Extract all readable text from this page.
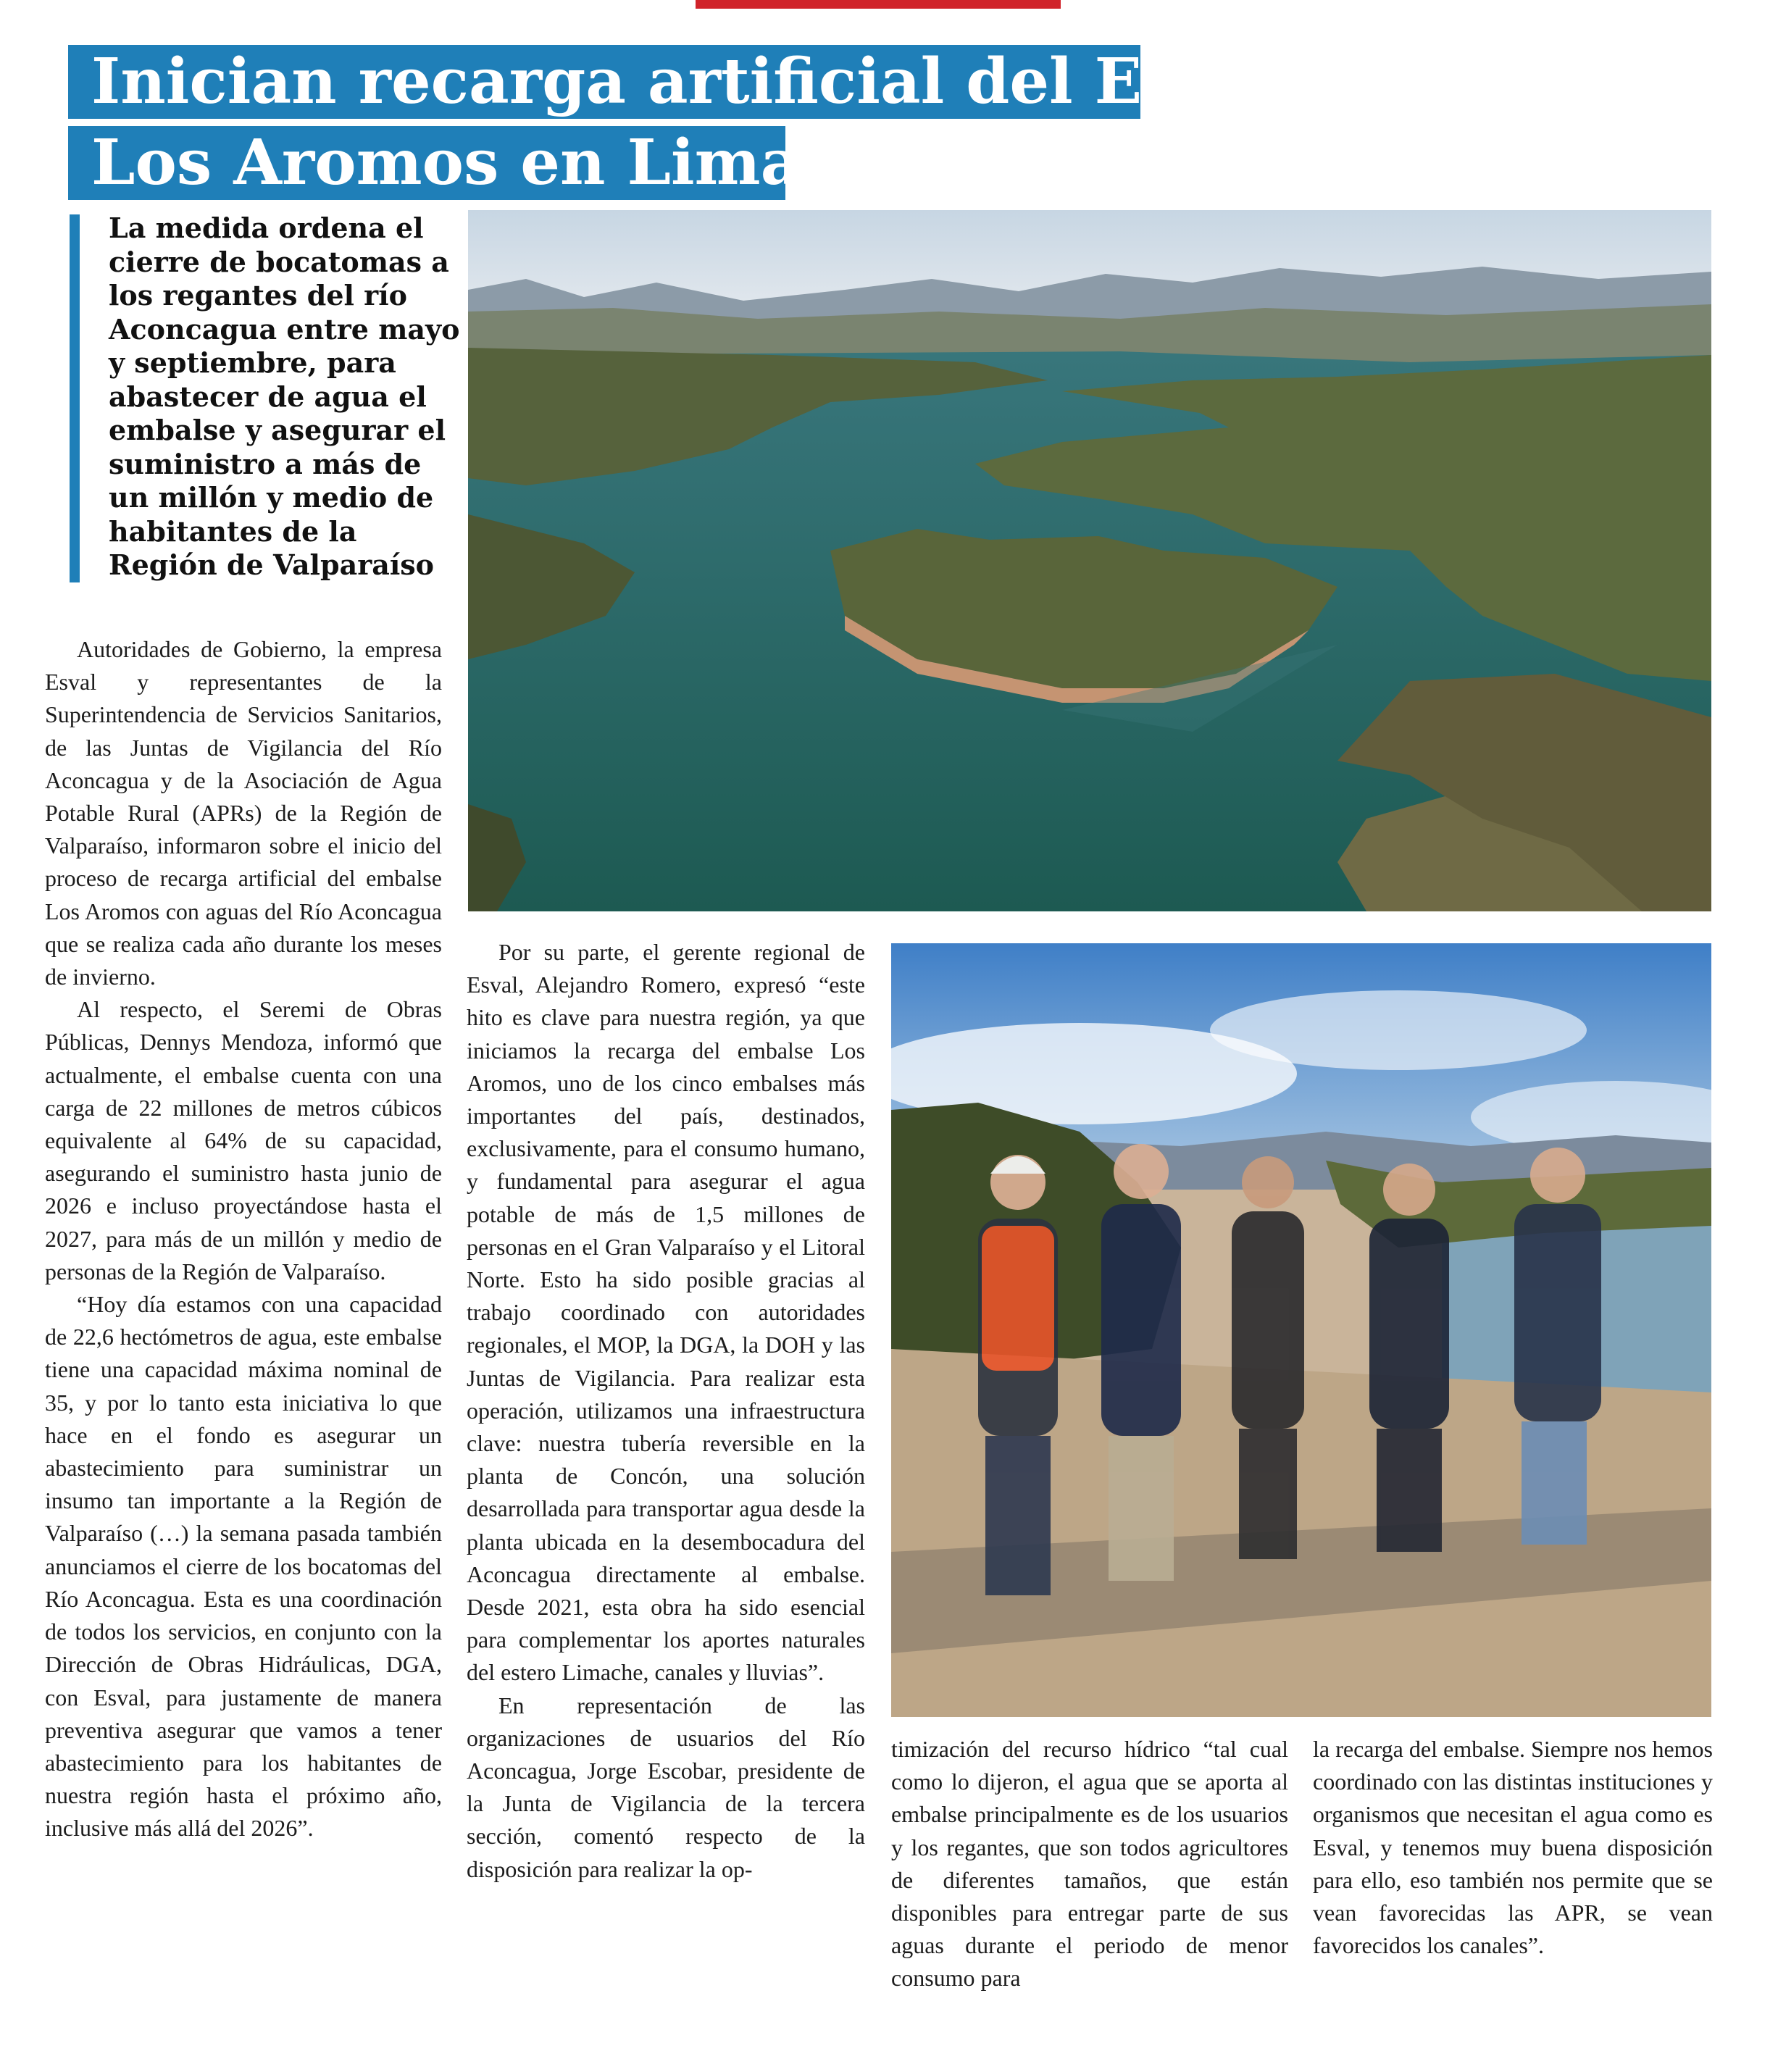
Inician recarga artificial del Embalse
Los Aromos en Limache
La medida ordena el cierre de bocatomas a los regantes del río Aconcagua entre mayo y septiembre, para abastecer de agua el embalse y asegurar el suministro a más de un millón y medio de habitantes de la Región de Valparaíso

Autoridades de Gobierno, la empresa Esval y representantes de la Superintendencia de Servicios Sanitarios, de las Juntas de Vigilancia del Río Aconcagua y de la Asociación de Agua Potable Rural (APRs) de la Región de Valparaíso, informaron sobre el inicio del proceso de recarga artificial del embalse Los Aromos con aguas del Río Aconcagua que se realiza cada año durante los meses de invierno.

Al respecto, el Seremi de Obras Públicas, Dennys Mendoza, informó que actualmente, el embalse cuenta con una carga de 22 millones de metros cúbicos equivalente al 64% de su capacidad, asegurando el suministro hasta junio de 2026 e incluso proyectándose hasta el 2027, para más de un millón y medio de personas de la Región de Valparaíso.

“Hoy día estamos con una capacidad de 22,6 hectómetros de agua, este embalse tiene una capacidad máxima nominal de 35, y por lo tanto esta iniciativa lo que hace en el fondo es asegurar un abastecimiento para suministrar un insumo tan importante a la Región de Valparaíso (…) la semana pasada también anunciamos el cierre de los bocatomas del Río Aconcagua. Esta es una coordinación de todos los servicios, en conjunto con la Dirección de Obras Hidráulicas, DGA, con Esval, para justamente de manera preventiva asegurar que vamos a tener abastecimiento para los habitantes de nuestra región hasta el próximo año, inclusive más allá del 2026”.

Por su parte, el gerente regional de Esval, Alejandro Romero, expresó “este hito es clave para nuestra región, ya que iniciamos la recarga del embalse Los Aromos, uno de los cinco embalses más importantes del país, destinados, exclusivamente, para el consumo humano, y fundamental para asegurar el agua potable de más de 1,5 millones de personas en el Gran Valparaíso y el Litoral Norte. Esto ha sido posible gracias al trabajo coordinado con autoridades regionales, el MOP, la DGA, la DOH y las Juntas de Vigilancia. Para realizar esta operación, utilizamos una infraestructura clave: nuestra tubería reversible en la planta de Concón, una solución desarrollada para transportar agua desde la planta ubicada en la desembocadura del Aconcagua directamente al embalse. Desde 2021, esta obra ha sido esencial para complementar los aportes naturales del estero Limache, canales y lluvias”.

En representación de las organizaciones de usuarios del Río Aconcagua, Jorge Escobar, presidente de la Junta de Vigilancia de la tercera sección, comentó respecto de la disposición para realizar la op-

timización del recurso hídrico “tal cual como lo dijeron, el agua que se aporta al embalse principalmente es de los usuarios y los regantes, que son todos agricultores de diferentes tamaños, que están disponibles para entregar parte de sus aguas durante el periodo de menor consumo para

la recarga del embalse. Siempre nos hemos coordinado con las distintas instituciones y organismos que necesitan el agua como es Esval, y tenemos muy buena disposición para ello, eso también nos permite que se vean favorecidas las APR, se vean favorecidos los canales”.
